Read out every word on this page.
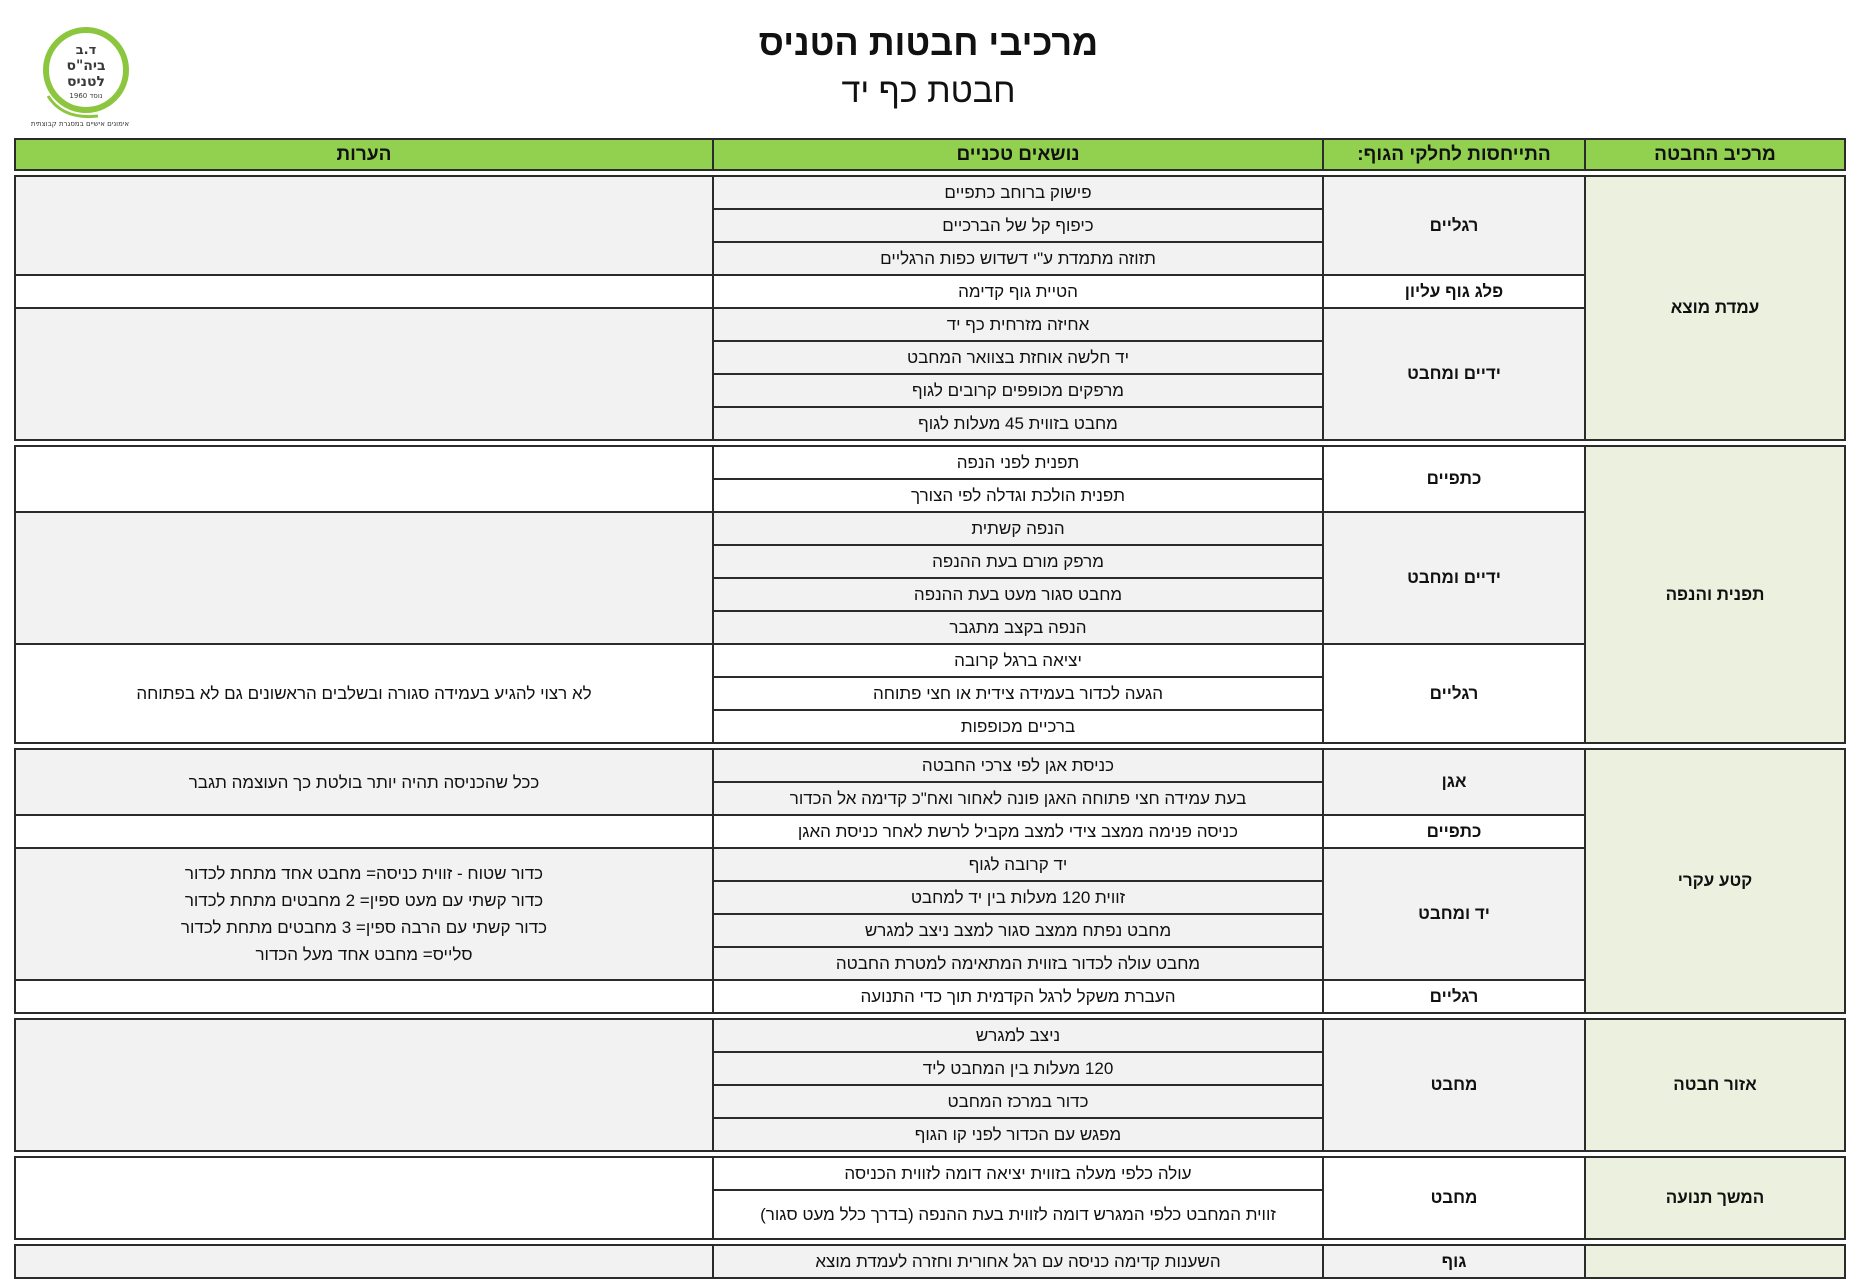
מרכיבי חבטות הטניס
חבטת כף יד
ד.ב
ביה"ס
לטניס
נוסד 1960
אימונים אישיים במסגרת קבוצתית
מרכיב החבטה	התייחסות לחלקי הגוף:	נושאים טכניים	הערות

עמדת מוצא	רגליים	פישוק ברוחב כתפיים	
		כיפוף קל של הברכיים	
		תזוזה מתמדת ע"י דשדוש כפות הרגליים	
	פלג גוף עליון	הטיית גוף קדימה	
	ידיים ומחבט	אחיזה מזרחית כף יד	
		יד חלשה אוחזת בצוואר המחבט	
		מרפקים מכופפים קרובים לגוף	
		מחבט בזווית 45 מעלות לגוף	

תפנית והנפה	כתפיים	תפנית לפני הנפה	
		תפנית הולכת וגדלה לפי הצורך	
	ידיים ומחבט	הנפה קשתית	
		מרפק מורם בעת ההנפה	
		מחבט סגור מעט בעת ההנפה	
		הנפה בקצב מתגבר	
	רגליים	יציאה ברגל קרובה	לא רצוי להגיע בעמידה סגורה ובשלבים הראשונים גם לא בפתוחה
		הגעה לכדור בעמידה צידית או חצי פתוחה	
		ברכיים מכופפות	

קטע עקרי	אגן	כניסת אגן לפי צרכי החבטה	ככל שהכניסה תהיה יותר בולטת כך העוצמה תגבר
		בעת עמידה חצי פתוחה האגן פונה לאחור ואח"כ קדימה אל הכדור	
	כתפיים	כניסה פנימה ממצב צידי למצב מקביל לרשת לאחר כניסת האגן	
	יד ומחבט	יד קרובה לגוף	כדור שטוח - זווית כניסה= מחבט אחד מתחת לכדור
כדור קשתי עם מעט ספין= 2 מחבטים מתחת לכדור
כדור קשתי עם הרבה ספין= 3 מחבטים מתחת לכדור
סלייס= מחבט אחד מעל הכדור

		זווית 120 מעלות בין יד למחבט	
		מחבט נפתח ממצב סגור למצב ניצב למגרש	
		מחבט עולה לכדור בזווית המתאימה למטרת החבטה	
	רגליים	העברת משקל לרגל הקדמית תוך כדי התנועה	

אזור חבטה	מחבט	ניצב למגרש	
		120 מעלות בין המחבט ליד	
		כדור במרכז המחבט	
		מפגש עם הכדור לפני קו הגוף	

המשך תנועה	מחבט	עולה כלפי מעלה בזווית יציאה דומה לזווית הכניסה	
		זווית המחבט כלפי המגרש דומה לזווית בעת ההנפה (בדרך כלל מעט סגור)	

	גוף	השענות קדימה כניסה עם רגל אחורית וחזרה לעמדת מוצא	
